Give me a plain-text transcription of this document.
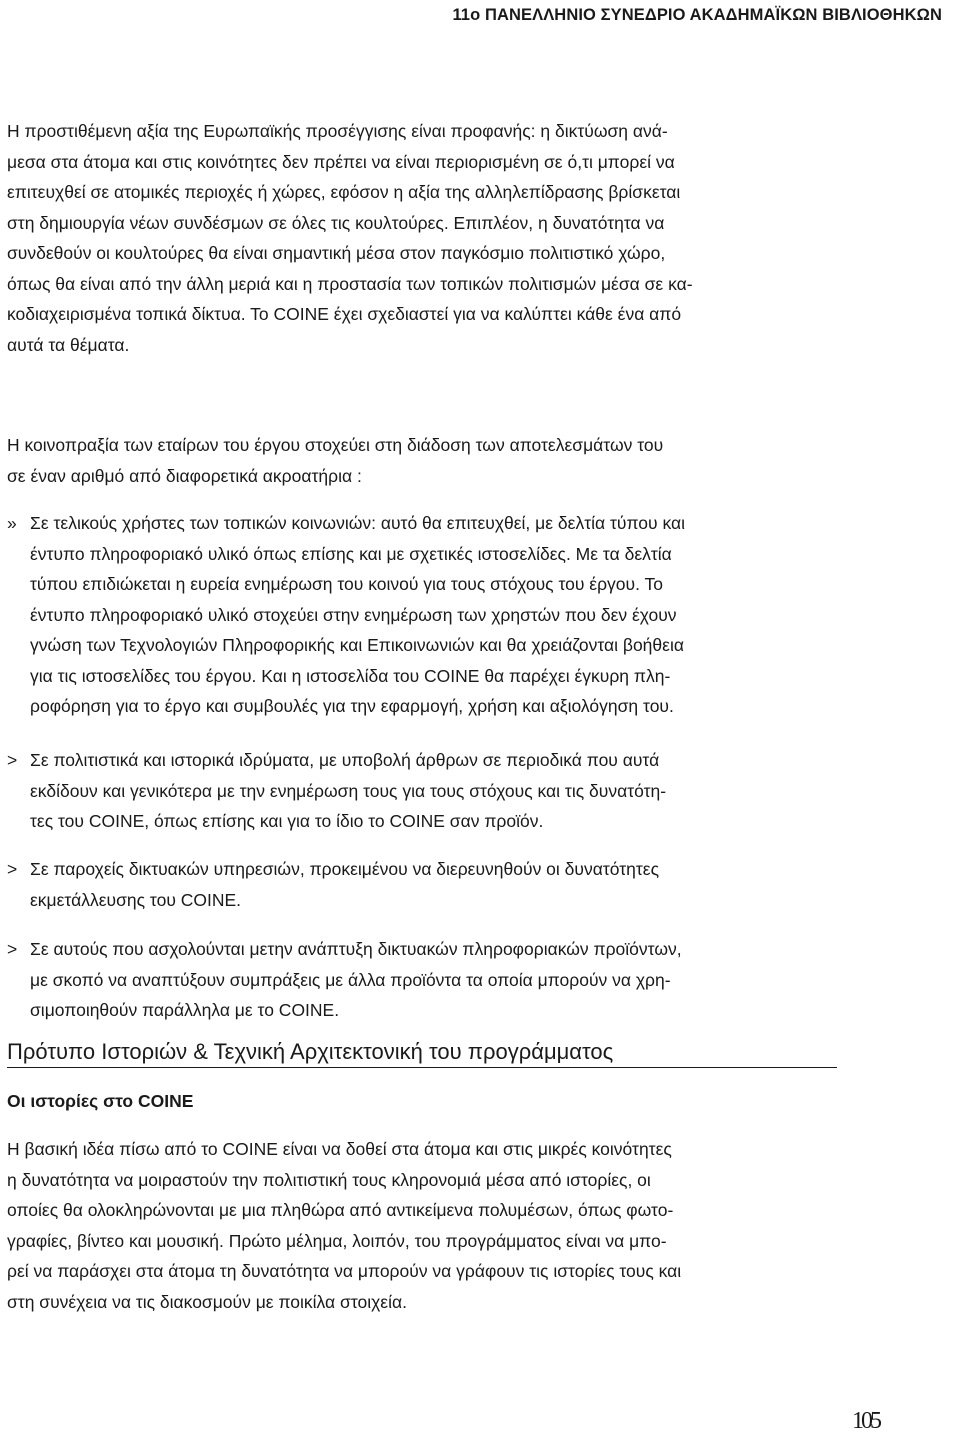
11ο ΠΑΝΕΛΛΗΝΙΟ ΣΥΝΕΔΡΙΟ ΑΚΑΔΗΜΑΪΚΩΝ ΒΙΒΛΙΟΘΗΚΩΝ
Η προστιθέμενη αξία της Ευρωπαϊκής προσέγγισης είναι προφανής: η δικτύωση ανά-
μεσα στα άτομα και στις κοινότητες δεν πρέπει να είναι περιορισμένη σε ό,τι μπορεί να
επιτευχθεί σε ατομικές περιοχές ή χώρες, εφόσον η αξία της αλληλεπίδρασης βρίσκεται
στη δημιουργία νέων συνδέσμων σε όλες τις κουλτούρες. Επιπλέον, η δυνατότητα να
συνδεθούν οι κουλτούρες θα είναι σημαντική μέσα στον παγκόσμιο πολιτιστικό χώρο,
όπως θα είναι από την άλλη μεριά και η προστασία των τοπικών πολιτισμών μέσα σε κα-
κοδιαχειρισμένα τοπικά δίκτυα. Το COINE έχει σχεδιαστεί για να καλύπτει κάθε ένα από
αυτά τα θέματα.
Η κοινοπραξία των εταίρων του έργου στοχεύει στη διάδοση των αποτελεσμάτων του
σε έναν αριθμό από διαφορετικά ακροατήρια :
» Σε τελικούς χρήστες των τοπικών κοινωνιών: αυτό θα επιτευχθεί, με δελτία τύπου και
έντυπο πληροφοριακό υλικό όπως επίσης και με σχετικές ιστοσελίδες. Με τα δελτία
τύπου επιδιώκεται η ευρεία ενημέρωση του κοινού για τους στόχους του έργου. Το
έντυπο πληροφοριακό υλικό στοχεύει στην ενημέρωση των χρηστών που δεν έχουν
γνώση των Τεχνολογιών Πληροφορικής και Επικοινωνιών και θα χρειάζονται βοήθεια
για τις ιστοσελίδες του έργου. Και η ιστοσελίδα του COINE θα παρέχει έγκυρη πλη-
ροφόρηση για το έργο και συμβουλές για την εφαρμογή, χρήση και αξιολόγηση του.
> Σε πολιτιστικά και ιστορικά ιδρύματα, με υποβολή άρθρων σε περιοδικά που αυτά
εκδίδουν και γενικότερα με την ενημέρωση τους για τους στόχους και τις δυνατότη-
τες του COINE, όπως επίσης και για το ίδιο το COINE σαν προϊόν.
> Σε παροχείς δικτυακών υπηρεσιών, προκειμένου να διερευνηθούν οι δυνατότητες
εκμετάλλευσης του COINE.
> Σε αυτούς που ασχολούνται μετην ανάπτυξη δικτυακών πληροφοριακών προϊόντων,
με σκοπό να αναπτύξουν συμπράξεις με άλλα προϊόντα τα οποία μπορούν να χρη-
σιμοποιηθούν παράλληλα με το COINE.
Πρότυπο Ιστοριών & Τεχνική Αρχιτεκτονική του προγράμματος
Οι ιστορίες στο COINE
Η βασική ιδέα πίσω από το COINE είναι να δοθεί στα άτομα και στις μικρές κοινότητες
η δυνατότητα να μοιραστούν την πολιτιστική τους κληρονομιά μέσα από ιστορίες, οι
οποίες θα ολοκληρώνονται με μια πληθώρα από αντικείμενα πολυμέσων, όπως φωτο-
γραφίες, βίντεο και μουσική. Πρώτο μέλημα, λοιπόν, του προγράμματος είναι να μπο-
ρεί να παράσχει στα άτομα τη δυνατότητα να μπορούν να γράφουν τις ιστορίες τους και
στη συνέχεια να τις διακοσμούν με ποικίλα στοιχεία.
105
